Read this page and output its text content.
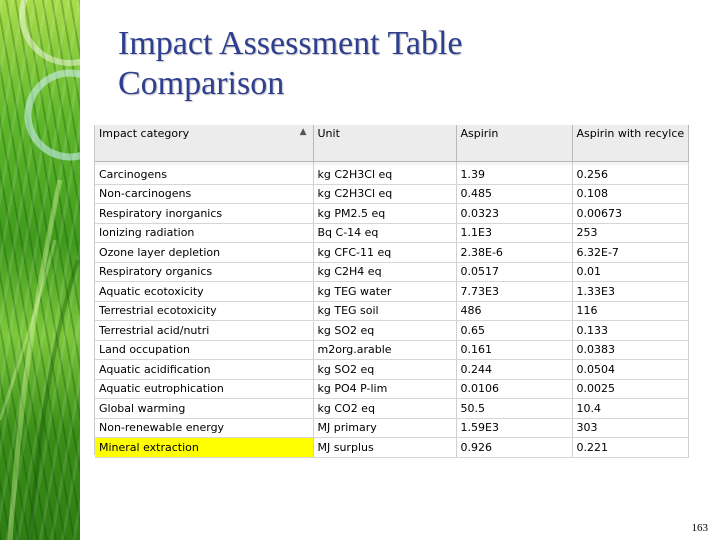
Impact Assessment Table
Comparison
Impact category ▲	Unit	Aspirin	Aspirin with recylce

Carcinogens	kg C2H3Cl eq	1.39	0.256
Non-carcinogens	kg C2H3Cl eq	0.485	0.108
Respiratory inorganics	kg PM2.5 eq	0.0323	0.00673
Ionizing radiation	Bq C-14 eq	1.1E3	253
Ozone layer depletion	kg CFC-11 eq	2.38E-6	6.32E-7
Respiratory organics	kg C2H4 eq	0.0517	0.01
Aquatic ecotoxicity	kg TEG water	7.73E3	1.33E3
Terrestrial ecotoxicity	kg TEG soil	486	116
Terrestrial acid/nutri	kg SO2 eq	0.65	0.133
Land occupation	m2org.arable	0.161	0.0383
Aquatic acidification	kg SO2 eq	0.244	0.0504
Aquatic eutrophication	kg PO4 P-lim	0.0106	0.0025
Global warming	kg CO2 eq	50.5	10.4
Non-renewable energy	MJ primary	1.59E3	303
Mineral extraction	MJ surplus	0.926	0.221
163
